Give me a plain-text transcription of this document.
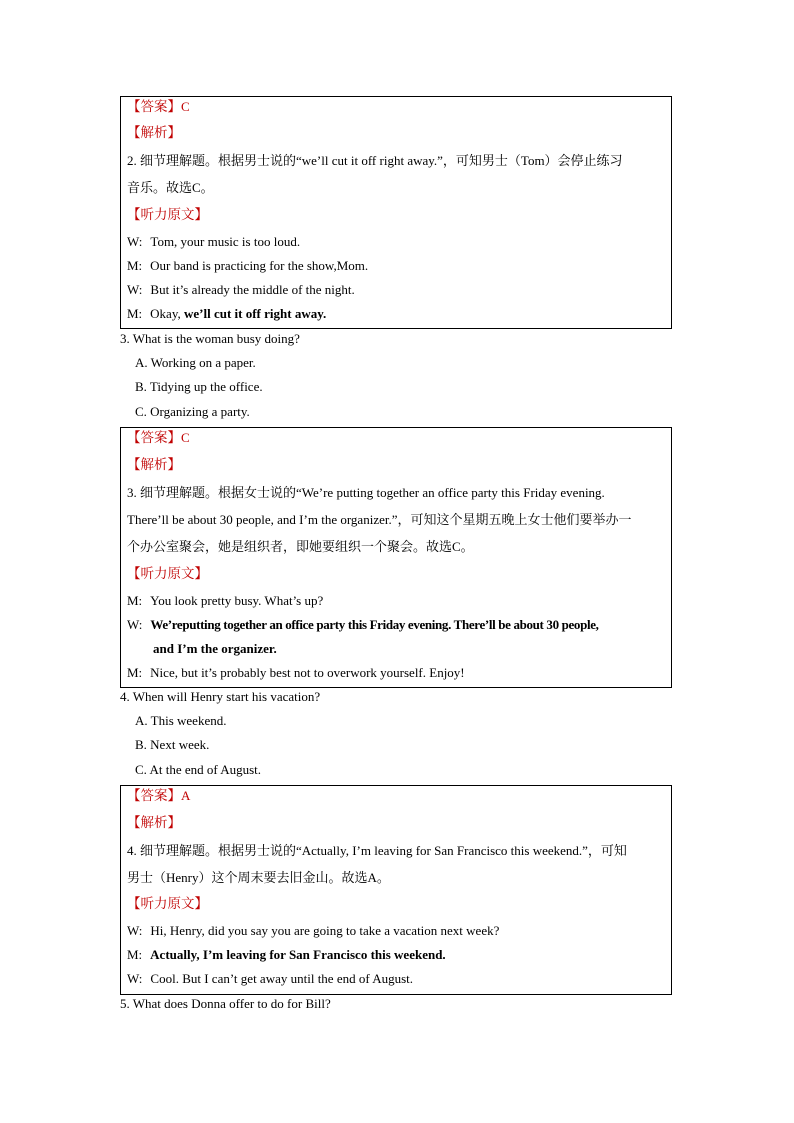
【答案】C
【解析】
2. 细节理解题。根据男士说的“we’ll cut it off right away.”，可知男士（Tom）会停止练习
音乐。故选C。
【听力原文】
W: Tom, your music is too loud.
M: Our band is practicing for the show,Mom.
W: But it’s already the middle of the night.
M: Okay, we’ll cut it off right away.
3. What is the woman busy doing?
A. Working on a paper.
B. Tidying up the office.
C. Organizing a party.
【答案】C
【解析】
3. 细节理解题。根据女士说的“We’re putting together an office party this Friday evening.
There’ll be about 30 people, and I’m the organizer.”，可知这个星期五晚上女士他们要举办一
个办公室聚会，她是组织者，即她要组织一个聚会。故选C。
【听力原文】
M: You look pretty busy. What’s up?
W: We’reputting together an office party this Friday evening. There’ll be about 30 people,
and I’m the organizer.
M: Nice, but it’s probably best not to overwork yourself. Enjoy!
4. When will Henry start his vacation?
A. This weekend.
B. Next week.
C. At the end of August.
【答案】A
【解析】
4. 细节理解题。根据男士说的“Actually, I’m leaving for San Francisco this weekend.”，可知
男士（Henry）这个周末要去旧金山。故选A。
【听力原文】
W: Hi, Henry, did you say you are going to take a vacation next week?
M: Actually, I’m leaving for San Francisco this weekend.
W: Cool. But I can’t get away until the end of August.
5. What does Donna offer to do for Bill?
